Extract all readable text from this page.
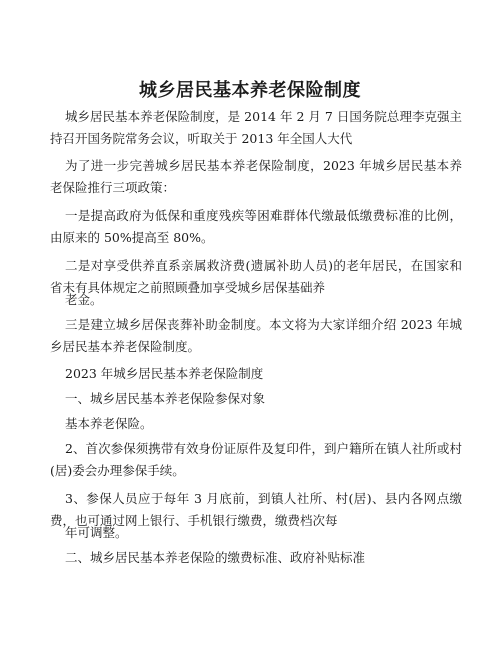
城乡居民基本养老保险制度
城乡居民基本养老保险制度，是 2014 年 2 月 7 日国务院总理李克强主持召开国务院常务会议，听取关于 2013 年全国人大代
为了进一步完善城乡居民基本养老保险制度，2023 年城乡居民基本养老保险推行三项政策：
一是提高政府为低保和重度残疾等困难群体代缴最低缴费标准的比例，由原来的 50%提高至 80%。
二是对享受供养直系亲属救济费(遗属补助人员)的老年居民，在国家和省未有具体规定之前照顾叠加享受城乡居保基础养
老金。
三是建立城乡居保丧葬补助金制度。本文将为大家详细介绍 2023 年城乡居民基本养老保险制度。
2023 年城乡居民基本养老保险制度
一、城乡居民基本养老保险参保对象
基本养老保险。
2、首次参保须携带有效身份证原件及复印件，到户籍所在镇人社所或村(居)委会办理参保手续。
3、参保人员应于每年 3 月底前，到镇人社所、村(居)、县内各网点缴费，也可通过网上银行、手机银行缴费，缴费档次每
年可调整。
二、城乡居民基本养老保险的缴费标准、政府补贴标准
